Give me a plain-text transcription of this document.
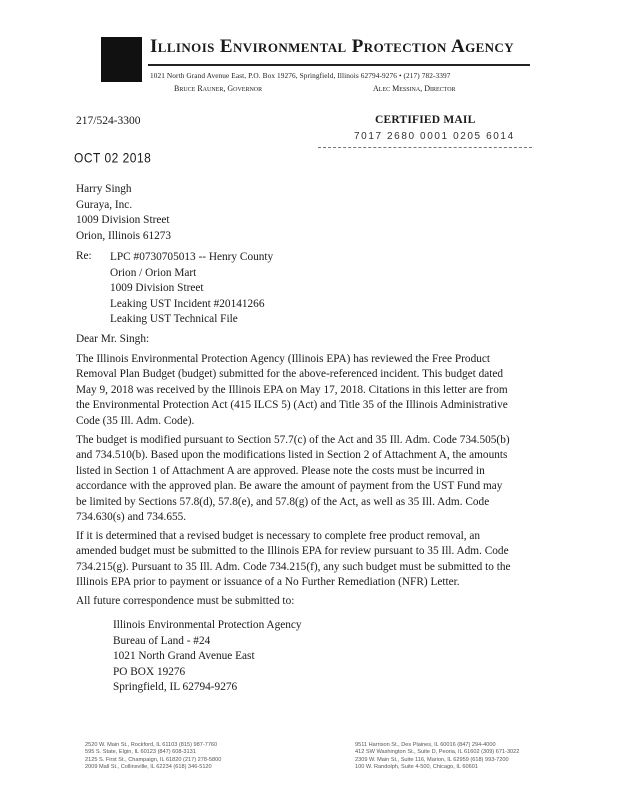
Illinois Environmental Protection Agency
1021 North Grand Avenue East, P.O. Box 19276, Springfield, Illinois 62794-9276 • (217) 782-3397
Bruce Rauner, Governor	Alec Messina, Director
217/524-3300	CERTIFIED MAIL
7017 2680 0001 0205 6014
OCT 02 2018
Harry Singh
Guraya, Inc.
1009 Division Street
Orion, Illinois 61273
Re: LPC #0730705013 -- Henry County
Orion / Orion Mart
1009 Division Street
Leaking UST Incident #20141266
Leaking UST Technical File
Dear Mr. Singh:
The Illinois Environmental Protection Agency (Illinois EPA) has reviewed the Free Product
Removal Plan Budget (budget) submitted for the above-referenced incident. This budget dated
May 9, 2018 was received by the Illinois EPA on May 17, 2018. Citations in this letter are from
the Environmental Protection Act (415 ILCS 5) (Act) and Title 35 of the Illinois Administrative
Code (35 Ill. Adm. Code).
The budget is modified pursuant to Section 57.7(c) of the Act and 35 Ill. Adm. Code 734.505(b)
and 734.510(b). Based upon the modifications listed in Section 2 of Attachment A, the amounts
listed in Section 1 of Attachment A are approved. Please note the costs must be incurred in
accordance with the approved plan. Be aware the amount of payment from the UST Fund may
be limited by Sections 57.8(d), 57.8(e), and 57.8(g) of the Act, as well as 35 Ill. Adm. Code
734.630(s) and 734.655.
If it is determined that a revised budget is necessary to complete free product removal, an
amended budget must be submitted to the Illinois EPA for review pursuant to 35 Ill. Adm. Code
734.215(g). Pursuant to 35 Ill. Adm. Code 734.215(f), any such budget must be submitted to the
Illinois EPA prior to payment or issuance of a No Further Remediation (NFR) Letter.
All future correspondence must be submitted to:
Illinois Environmental Protection Agency
Bureau of Land - #24
1021 North Grand Avenue East
PO BOX 19276
Springfield, IL 62794-9276
2520 W. Main St., Rockford, IL 61103 (815) 987-7760
595 S. State, Elgin, IL 60123 (847) 608-3131
2125 S. First St., Champaign, IL 61820 (217) 278-5800
2009 Mall St., Collinsville, IL 62234 (618) 346-5120
9511 Harrison St., Des Plaines, IL 60016 (847) 294-4000
412 SW Washington St., Suite D, Peoria, IL 61602 (309) 671-3022
2309 W. Main St., Suite 116, Marion, IL 62959 (618) 993-7200
100 W. Randolph, Suite 4-500, Chicago, IL 60601
